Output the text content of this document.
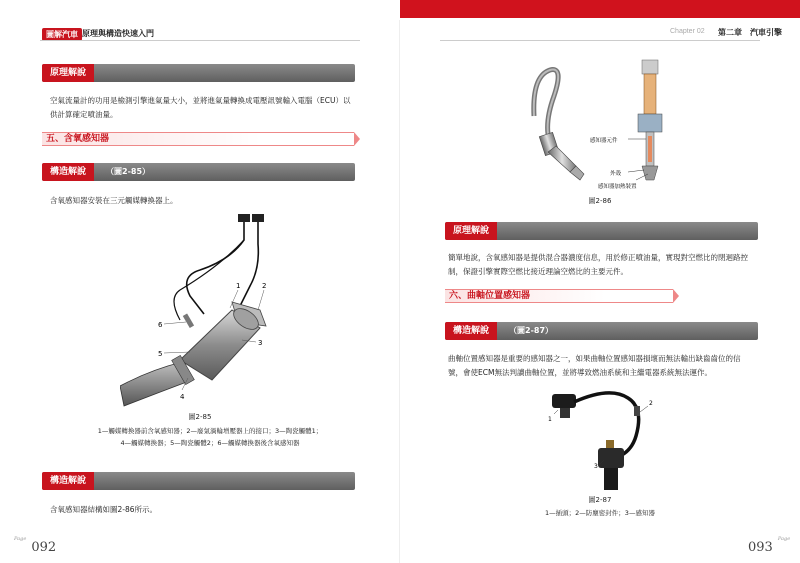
圖解汽車 原理與構造快速入門
原理解說
空氣流量計的功用是檢測引擎進氣量大小，並將進氣量轉換成電壓訊號輸入電腦（ECU）以
供計算確定噴油量。
五、含氧感知器
構造解說	（圖2-85）
含氧感知器安裝在三元觸媒轉換器上。
1	2
3
4
5
6
圖2-85
1—觸媒轉換器前含氧感知器；2—廢氣渦輪增壓器上的接口；3—陶瓷觸體1；
4—觸媒轉換器；5—陶瓷觸體2；6—觸媒轉換器後含氧感知器
構造解說
含氧感知器結構如圖2-86所示。
$^{Page}$ 092
Chapter 02 第二章　汽車引擎
感知器元件
外殼
感知器加熱裝置
圖2-86
原理解說
簡單地說，含氧感知器是提供混合器濃度信息，用於修正噴油量，實現對空燃比的閉迴路控
制，保證引擎實際空燃比接近理論空燃比的主要元件。
六、曲軸位置感知器
構造解說	（圖2-87）
曲軸位置感知器是重要的感知器之一，如果曲軸位置感知器損壞而無法輸出缺齒齒位的信
號，會使ECM無法判讀曲軸位置，並將導致燃油系統和主繼電器系統無法運作。
1
2
3
圖2-87
1—插頭；2—防塵密封件；3—感知器
093 $^{Page}$
